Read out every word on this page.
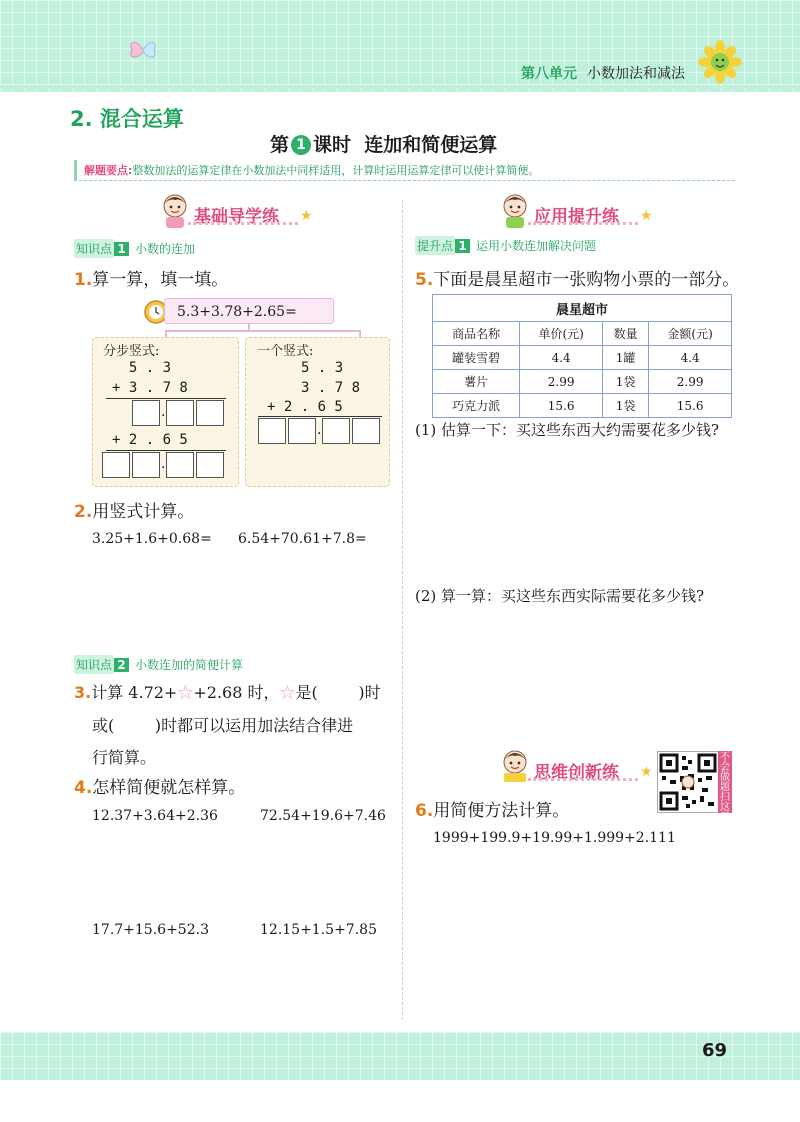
第八单元 小数加法和减法
2. 混合运算
第 1 课时  连加和简便运算
解题要点:整数加法的运算定律在小数加法中同样适用，计算时运用运算定律可以使计算简便。
基础导学练 ★	应用提升练 ★
知识点 1 小数的连加
1.算一算，填一填。
5.3+3.78+2.65=
分步竖式:
5 . 3
+ 3 . 7 8
.
+ 2 . 6 5
.
一个竖式:
5 . 3
3 . 7 8
+ 2 . 6 5
.
2.用竖式计算。
3.25+1.6+0.68= 6.54+70.61+7.8=
知识点 2 小数连加的简便计算
3.计算 4.72+☆+2.68 时，☆是(        )时
或(        )时都可以运用加法结合律进
行简算。
4.怎样简便就怎样算。
12.37+3.64+2.36	72.54+19.6+7.46
17.7+15.6+52.3	12.15+1.5+7.85
提升点 1 运用小数连加解决问题
5.下面是晨星超市一张购物小票的一部分。
晨星超市			
商品名称	单价(元)	数量	金额(元)
罐装雪碧	4.4	1罐	4.4
薯片	2.99	1袋	2.99
巧克力派	15.6	1袋	15.6
(1) 估算一下：买这些东西大约需要花多少钱?
(2) 算一算：买这些东西实际需要花多少钱?
思维创新练 ★
不
会
做
题
扫
这
里
6.用简便方法计算。
1999+199.9+19.99+1.999+2.111
69
